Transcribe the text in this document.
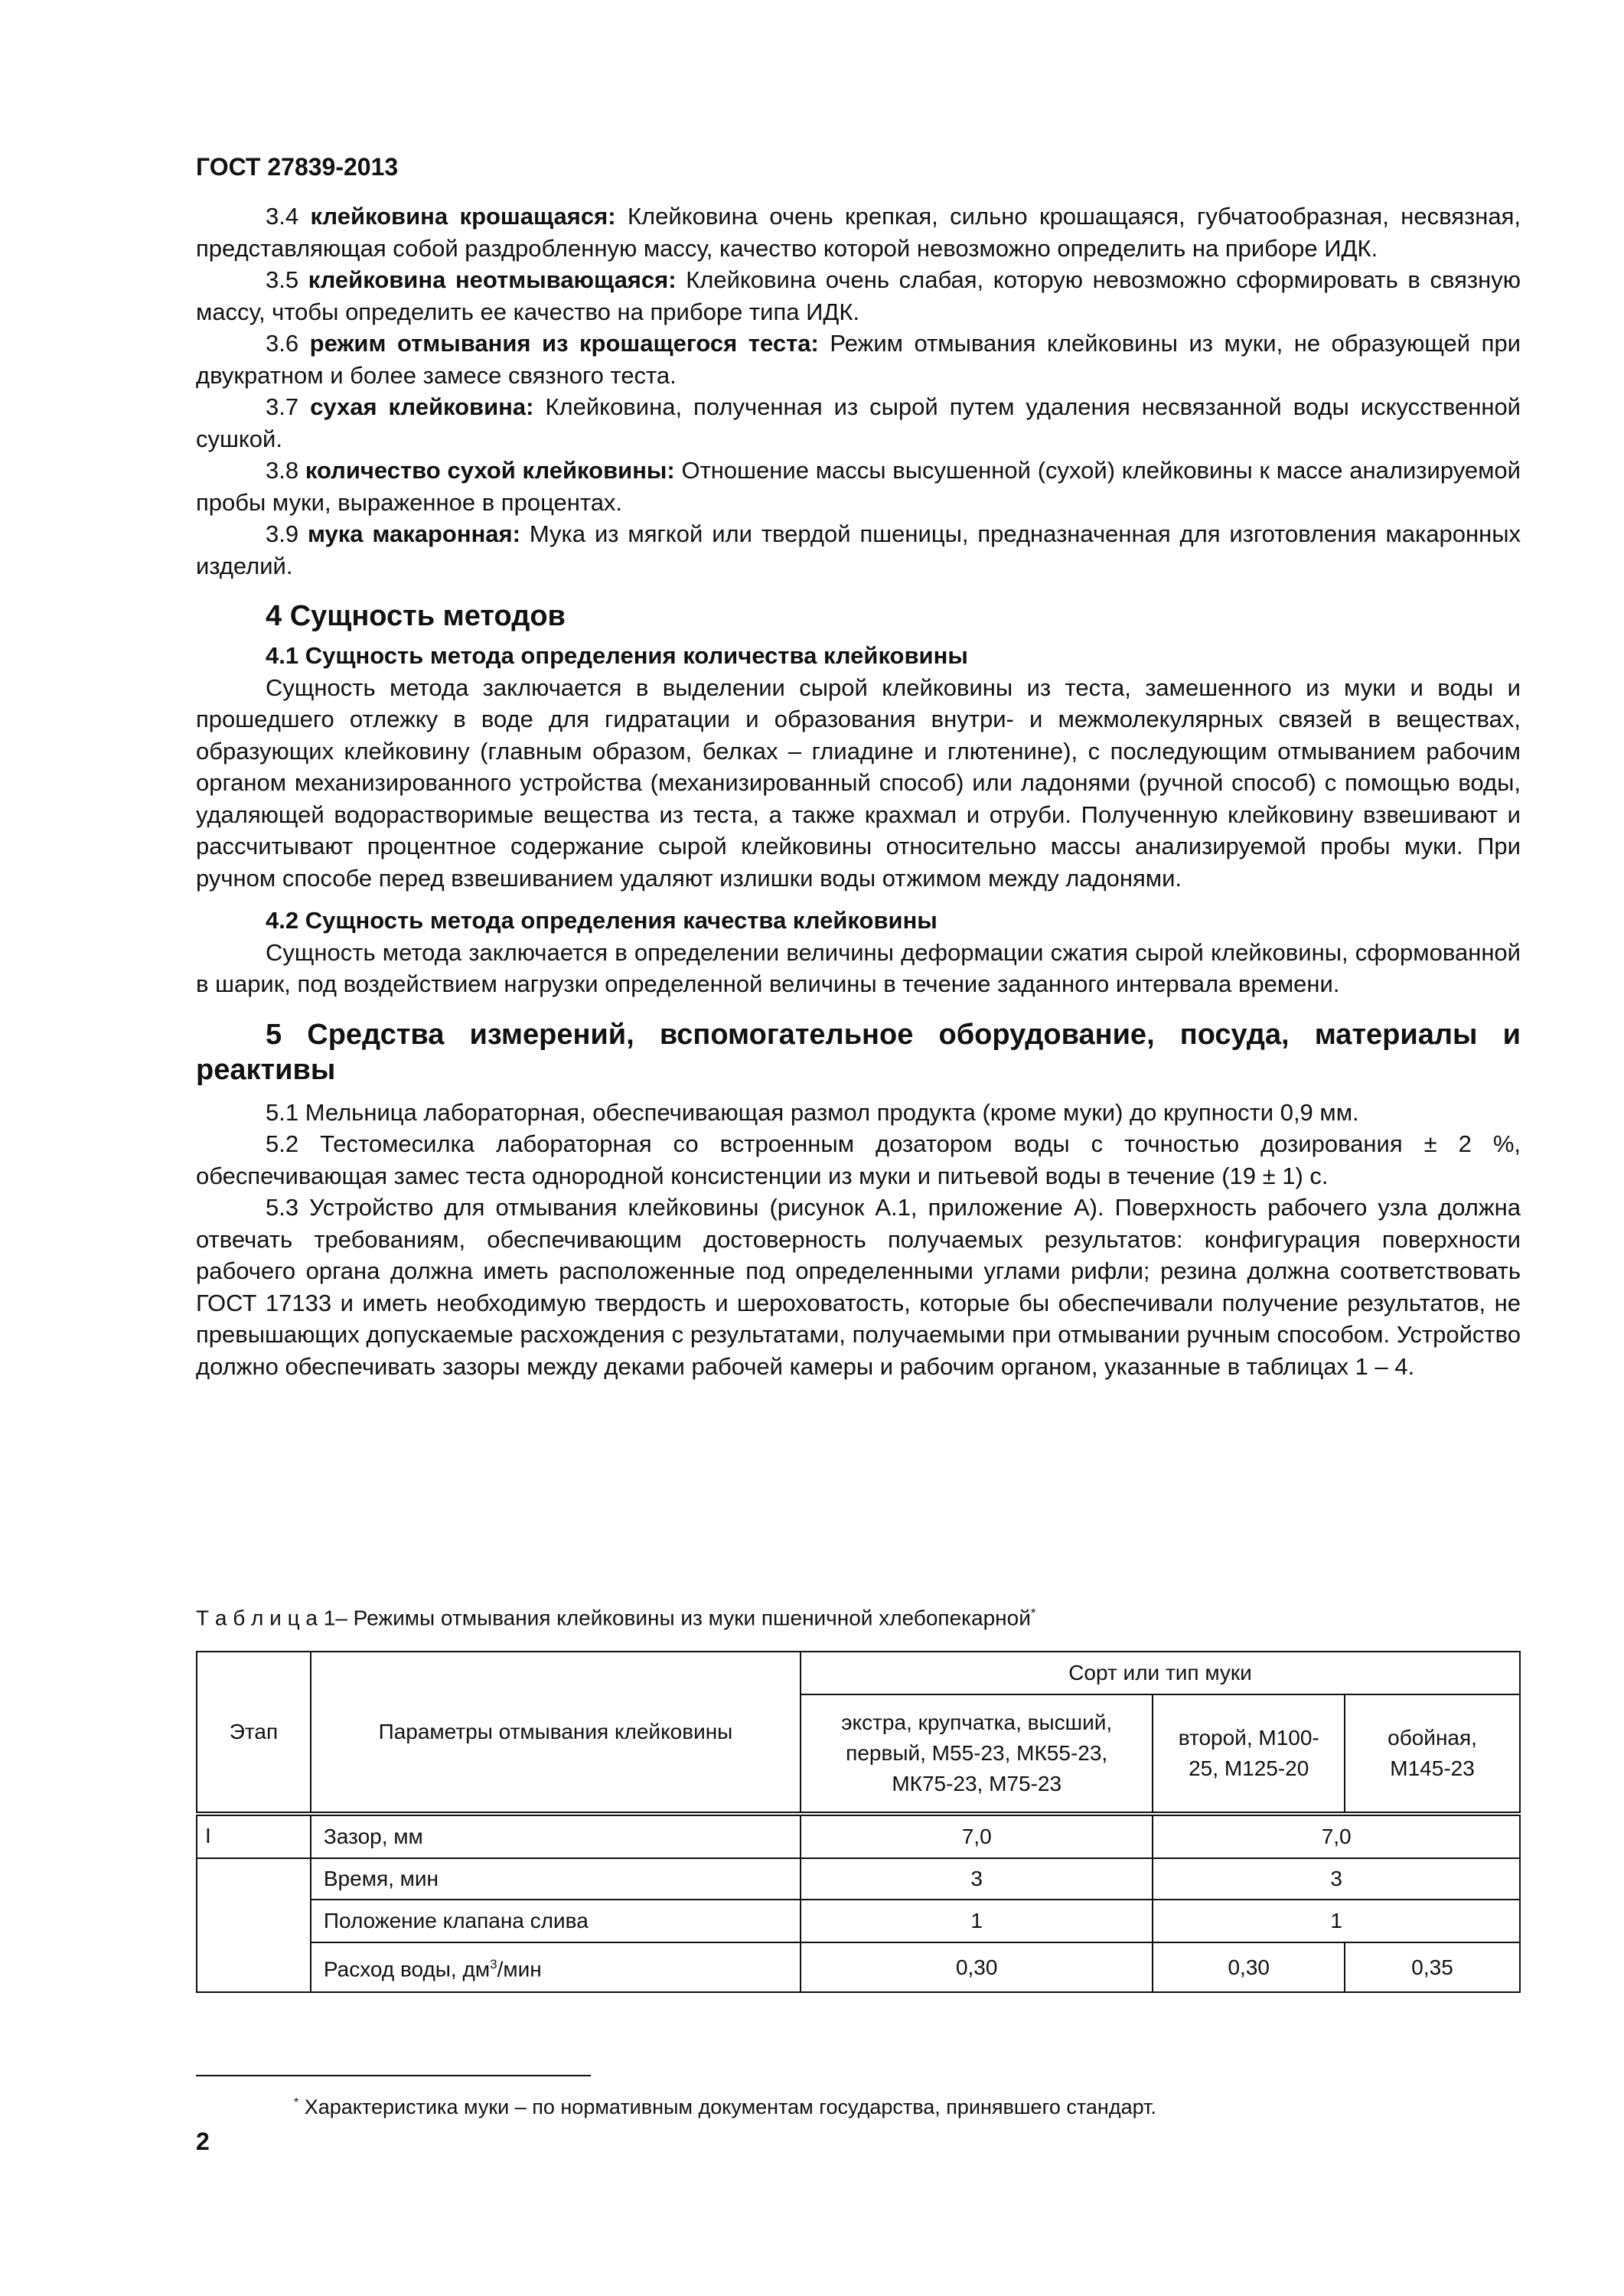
ГОСТ 27839-2013

3.4 клейковина крошащаяся: Клейковина очень крепкая, сильно крошащаяся, губчатообразная, несвязная, представляющая собой раздробленную массу, качество которой невозможно определить на приборе ИДК.

3.5 клейковина неотмывающаяся: Клейковина очень слабая, которую невозможно сформировать в связную массу, чтобы определить ее качество на приборе типа ИДК.

3.6 режим отмывания из крошащегося теста: Режим отмывания клейковины из муки, не образующей при двукратном и более замесе связного теста.

3.7 сухая клейковина: Клейковина, полученная из сырой путем удаления несвязанной воды искусственной сушкой.

3.8 количество сухой клейковины: Отношение массы высушенной (сухой) клейковины к массе анализируемой пробы муки, выраженное в процентах.

3.9 мука макаронная: Мука из мягкой или твердой пшеницы, предназначенная для изготовления макаронных изделий.

4 Сущность методов

4.1 Сущность метода определения количества клейковины

Сущность метода заключается в выделении сырой клейковины из теста, замешенного из муки и воды и прошедшего отлежку в воде для гидратации и образования внутри- и межмолекулярных связей в веществах, образующих клейковину (главным образом, белках – глиадине и глютенине), с последующим отмыванием рабочим органом механизированного устройства (механизированный способ) или ладонями (ручной способ) с помощью воды, удаляющей водорастворимые вещества из теста, а также крахмал и отруби. Полученную клейковину взвешивают и рассчитывают процентное содержание сырой клейковины относительно массы анализируемой пробы муки. При ручном способе перед взвешиванием удаляют излишки воды отжимом между ладонями.

4.2 Сущность метода определения качества клейковины

Сущность метода заключается в определении величины деформации сжатия сырой клейковины, сформованной в шарик, под воздействием нагрузки определенной величины в течение заданного интервала времени.

5 Средства измерений, вспомогательное оборудование, посуда, материалы и реактивы

5.1 Мельница лабораторная, обеспечивающая размол продукта (кроме муки) до крупности 0,9 мм.

5.2 Тестомесилка лабораторная со встроенным дозатором воды с точностью дозирования ± 2 %, обеспечивающая замес теста однородной консистенции из муки и питьевой воды в течение (19 ± 1) с.

5.3 Устройство для отмывания клейковины (рисунок А.1, приложение А). Поверхность рабочего узла должна отвечать требованиям, обеспечивающим достоверность получаемых результатов: конфигурация поверхности рабочего органа должна иметь расположенные под определенными углами рифли; резина должна соответствовать ГОСТ 17133 и иметь необходимую твердость и шероховатость, которые бы обеспечивали получение результатов, не превышающих допускаемые расхождения с результатами, получаемыми при отмывании ручным способом. Устройство должно обеспечивать зазоры между деками рабочей камеры и рабочим органом, указанные в таблицах 1 – 4.

Т а б л и ц а 1– Режимы отмывания клейковины из муки пшеничной хлебопекарной*
Этап	Параметры отмывания клейковины	Сорт или тип муки		
		экстра, крупчатка, высший, первый, М55-23, МК55-23, МК75-23, М75-23	второй, М100-25, М125-20	обойная, М145-23
I	Зазор, мм	7,0	7,0	
	Время, мин	3	3	
	Положение клапана слива	1	1	
	Расход воды, $дм^3$/мин	0,30	0,30	0,35
* Характеристика муки – по нормативным документам государства, принявшего стандарт.
2
